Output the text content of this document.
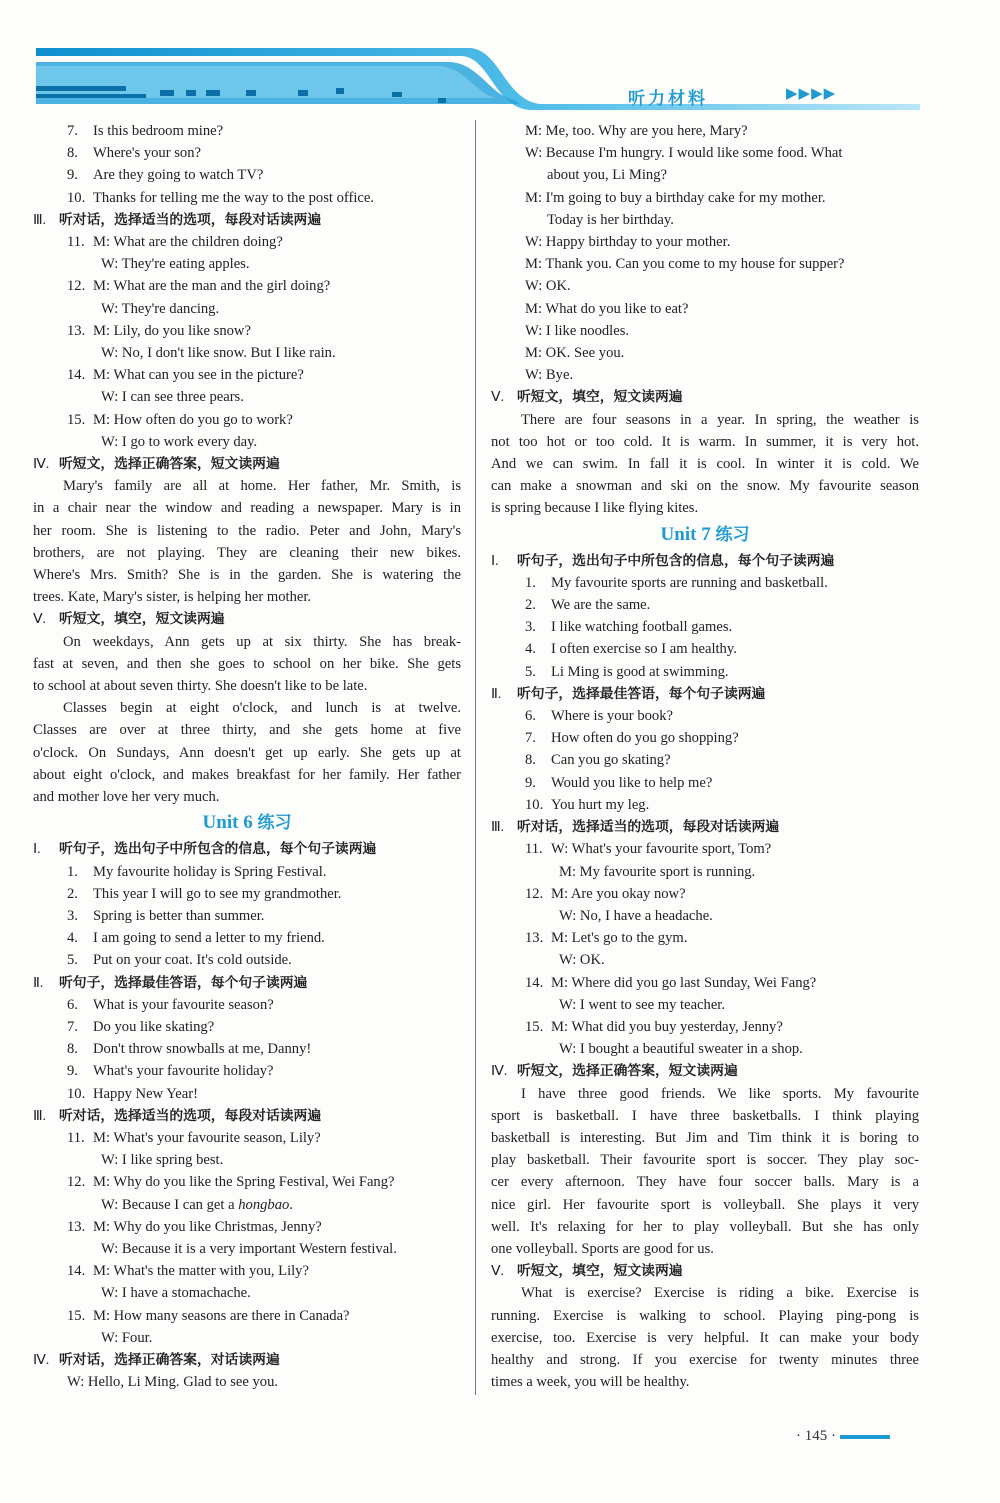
听力材料	▶▶▶▶
7. Is this bedroom mine?
8. Where's your son?
9. Are they going to watch TV?
10. Thanks for telling me the way to the post office.
Ⅲ. 听对话，选择适当的选项，每段对话读两遍
11. M: What are the children doing?
W: They're eating apples.
12. M: What are the man and the girl doing?
W: They're dancing.
13. M: Lily, do you like snow?
W: No, I don't like snow. But I like rain.
14. M: What can you see in the picture?
W: I can see three pears.
15. M: How often do you go to work?
W: I go to work every day.
Ⅳ. 听短文，选择正确答案，短文读两遍
Mary's family are all at home. Her father, Mr. Smith, is
in a chair near the window and reading a newspaper. Mary is in
her room. She is listening to the radio. Peter and John, Mary's
brothers, are not playing. They are cleaning their new bikes.
Where's Mrs. Smith? She is in the garden. She is watering the
trees. Kate, Mary's sister, is helping her mother.
Ⅴ. 听短文，填空，短文读两遍
On weekdays, Ann gets up at six thirty. She has break-
fast at seven, and then she goes to school on her bike. She gets
to school at about seven thirty. She doesn't like to be late.
Classes begin at eight o'clock, and lunch is at twelve.
Classes are over at three thirty, and she gets home at five
o'clock. On Sundays, Ann doesn't get up early. She gets up at
about eight o'clock, and makes breakfast for her family. Her father
and mother love her very much.
Unit 6 练习
Ⅰ. 听句子，选出句子中所包含的信息，每个句子读两遍
1. My favourite holiday is Spring Festival.
2. This year I will go to see my grandmother.
3. Spring is better than summer.
4. I am going to send a letter to my friend.
5. Put on your coat. It's cold outside.
Ⅱ. 听句子，选择最佳答语，每个句子读两遍
6. What is your favourite season?
7. Do you like skating?
8. Don't throw snowballs at me, Danny!
9. What's your favourite holiday?
10. Happy New Year!
Ⅲ. 听对话，选择适当的选项，每段对话读两遍
11. M: What's your favourite season, Lily?
W: I like spring best.
12. M: Why do you like the Spring Festival, Wei Fang?
W: Because I can get a hongbao.
13. M: Why do you like Christmas, Jenny?
W: Because it is a very important Western festival.
14. M: What's the matter with you, Lily?
W: I have a stomachache.
15. M: How many seasons are there in Canada?
W: Four.
Ⅳ. 听对话，选择正确答案，对话读两遍
W: Hello, Li Ming. Glad to see you.
M: Me, too. Why are you here, Mary?
W: Because I'm hungry. I would like some food. What
about you, Li Ming?
M: I'm going to buy a birthday cake for my mother.
Today is her birthday.
W: Happy birthday to your mother.
M: Thank you. Can you come to my house for supper?
W: OK.
M: What do you like to eat?
W: I like noodles.
M: OK. See you.
W: Bye.
Ⅴ. 听短文，填空，短文读两遍
There are four seasons in a year. In spring, the weather is
not too hot or too cold. It is warm. In summer, it is very hot.
And we can swim. In fall it is cool. In winter it is cold. We
can make a snowman and ski on the snow. My favourite season
is spring because I like flying kites.
Unit 7 练习
Ⅰ. 听句子，选出句子中所包含的信息，每个句子读两遍
1. My favourite sports are running and basketball.
2. We are the same.
3. I like watching football games.
4. I often exercise so I am healthy.
5. Li Ming is good at swimming.
Ⅱ. 听句子，选择最佳答语，每个句子读两遍
6. Where is your book?
7. How often do you go shopping?
8. Can you go skating?
9. Would you like to help me?
10. You hurt my leg.
Ⅲ. 听对话，选择适当的选项，每段对话读两遍
11. W: What's your favourite sport, Tom?
M: My favourite sport is running.
12. M: Are you okay now?
W: No, I have a headache.
13. M: Let's go to the gym.
W: OK.
14. M: Where did you go last Sunday, Wei Fang?
W: I went to see my teacher.
15. M: What did you buy yesterday, Jenny?
W: I bought a beautiful sweater in a shop.
Ⅳ. 听短文，选择正确答案，短文读两遍
I have three good friends. We like sports. My favourite
sport is basketball. I have three basketballs. I think playing
basketball is interesting. But Jim and Tim think it is boring to
play basketball. Their favourite sport is soccer. They play soc-
cer every afternoon. They have four soccer balls. Mary is a
nice girl. Her favourite sport is volleyball. She plays it very
well. It's relaxing for her to play volleyball. But she has only
one volleyball. Sports are good for us.
Ⅴ. 听短文，填空，短文读两遍
What is exercise? Exercise is riding a bike. Exercise is
running. Exercise is walking to school. Playing ping-pong is
exercise, too. Exercise is very helpful. It can make your body
healthy and strong. If you exercise for twenty minutes three
times a week, you will be healthy.
· 145 ·
